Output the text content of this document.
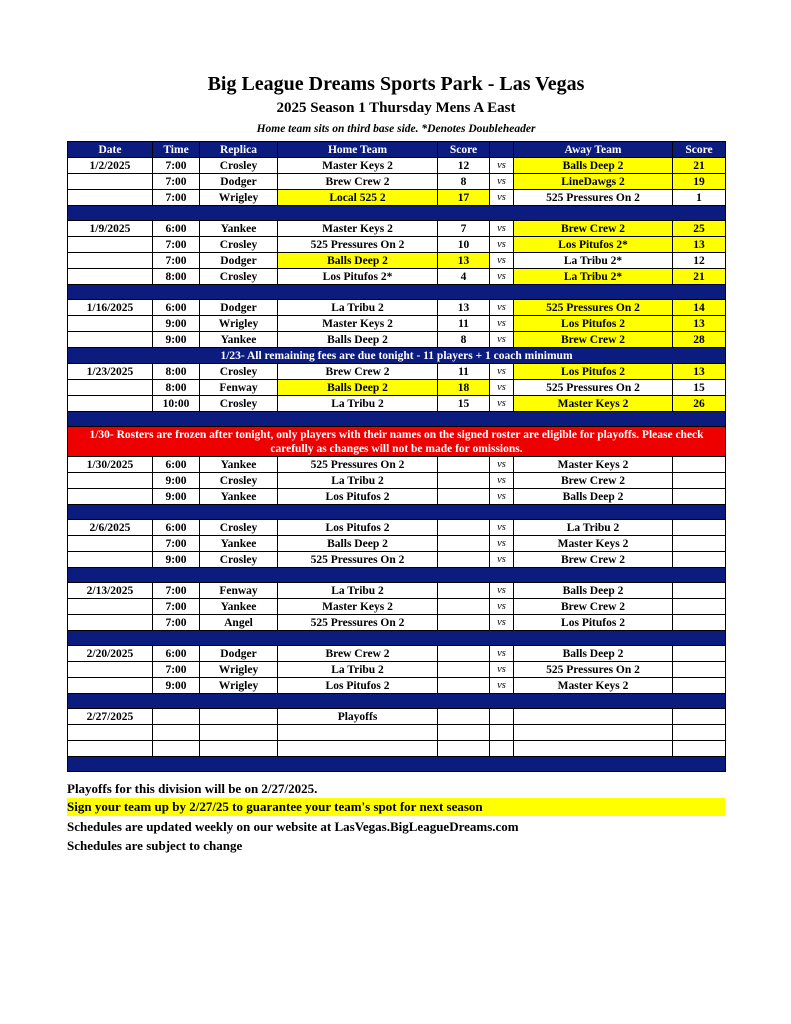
Big League Dreams Sports Park - Las Vegas
2025 Season 1 Thursday Mens A East
Home team sits on third base side. *Denotes Doubleheader
Date	Time	Replica	Home Team	Score		Away Team	Score
1/2/2025	7:00	Crosley	Master Keys 2	12	vs	Balls Deep 2	21
	7:00	Dodger	Brew Crew 2	8	vs	LineDawgs 2	19
	7:00	Wrigley	Local 525 2	17	vs	525 Pressures On 2	1

1/9/2025	6:00	Yankee	Master Keys 2	7	vs	Brew Crew 2	25
	7:00	Crosley	525 Pressures On 2	10	vs	Los Pitufos 2*	13
	7:00	Dodger	Balls Deep 2	13	vs	La Tribu 2*	12
	8:00	Crosley	Los Pitufos 2*	4	vs	La Tribu 2*	21

1/16/2025	6:00	Dodger	La Tribu 2	13	vs	525 Pressures On 2	14
	9:00	Wrigley	Master Keys 2	11	vs	Los Pitufos 2	13
	9:00	Yankee	Balls Deep 2	8	vs	Brew Crew 2	28
1/23- All remaining fees are due tonight - 11 players + 1 coach minimum							
1/23/2025	8:00	Crosley	Brew Crew 2	11	vs	Los Pitufos 2	13
	8:00	Fenway	Balls Deep 2	18	vs	525 Pressures On 2	15
	10:00	Crosley	La Tribu 2	15	vs	Master Keys 2	26

1/30- Rosters are frozen after tonight, only players with their names on the signed roster are eligible for playoffs. Please check carefully as changes will not be made for omissions.							
1/30/2025	6:00	Yankee	525 Pressures On 2		vs	Master Keys 2	
	9:00	Crosley	La Tribu 2		vs	Brew Crew 2	
	9:00	Yankee	Los Pitufos 2		vs	Balls Deep 2	

2/6/2025	6:00	Crosley	Los Pitufos 2		vs	La Tribu 2	
	7:00	Yankee	Balls Deep 2		vs	Master Keys 2	
	9:00	Crosley	525 Pressures On 2		vs	Brew Crew 2	

2/13/2025	7:00	Fenway	La Tribu 2		vs	Balls Deep 2	
	7:00	Yankee	Master Keys 2		vs	Brew Crew 2	
	7:00	Angel	525 Pressures On 2		vs	Los Pitufos 2	

2/20/2025	6:00	Dodger	Brew Crew 2		vs	Balls Deep 2	
	7:00	Wrigley	La Tribu 2		vs	525 Pressures On 2	
	9:00	Wrigley	Los Pitufos 2		vs	Master Keys 2	

2/27/2025			Playoffs				

Playoffs for this division will be on 2/27/2025.
Sign your team up by 2/27/25 to guarantee your team's spot for next season
Schedules are updated weekly on our website at LasVegas.BigLeagueDreams.com
Schedules are subject to change
